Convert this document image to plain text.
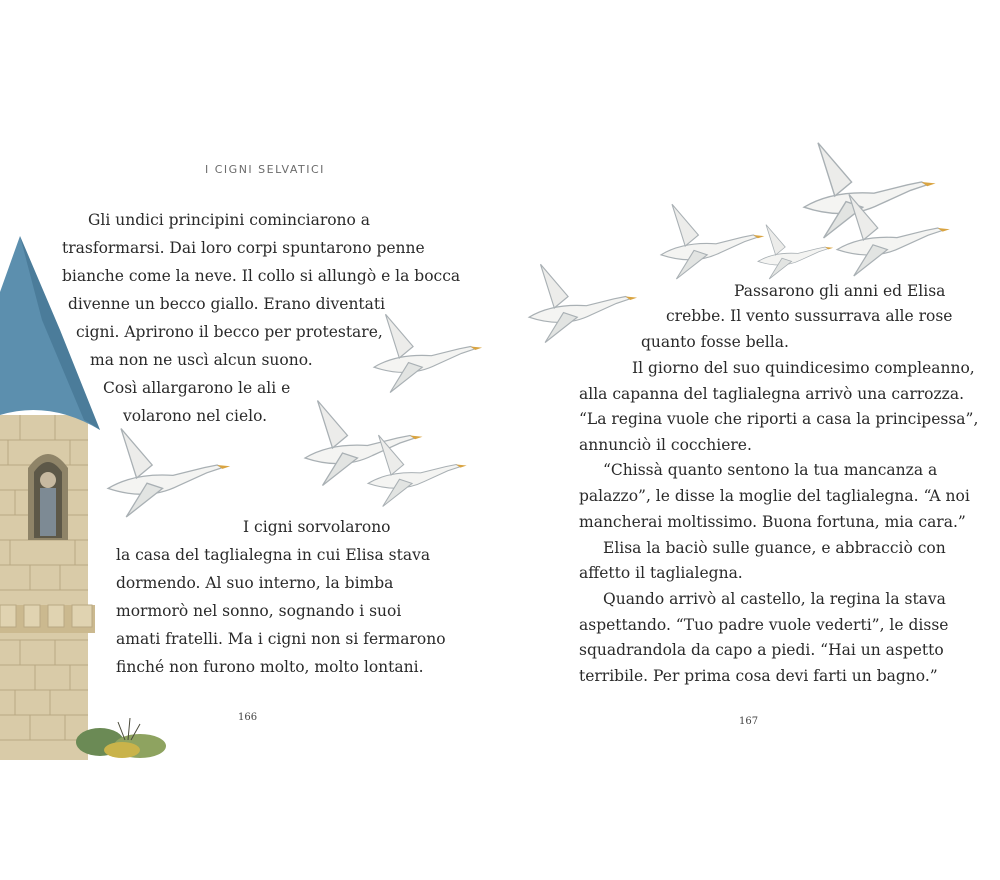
I CIGNI SELVATICI
Gli undici principini cominciarono a
trasformarsi. Dai loro corpi spuntarono penne
bianche come la neve. Il collo si allungò e la bocca
divenne un becco giallo. Erano diventati
cigni. Aprirono il becco per protestare,
ma non ne uscì alcun suono.
Così allargarono le ali e
volarono nel cielo.
I cigni sorvolarono
la casa del taglialegna in cui Elisa stava
dormendo. Al suo interno, la bimba
mormorò nel sonno, sognando i suoi
amati fratelli. Ma i cigni non si fermarono
finché non furono molto, molto lontani.
166
Passarono gli anni ed Elisa
crebbe. Il vento sussurrava alle rose
quanto fosse bella.
Il giorno del suo quindicesimo compleanno,
alla capanna del taglialegna arrivò una carrozza.
“La regina vuole che riporti a casa la principessa”,
annunciò il cocchiere.
“Chissà quanto sentono la tua mancanza a
palazzo”, le disse la moglie del taglialegna. “A noi
mancherai moltissimo. Buona fortuna, mia cara.”
Elisa la baciò sulle guance, e abbracciò con
affetto il taglialegna.
Quando arrivò al castello, la regina la stava
aspettando. “Tuo padre vuole vederti”, le disse
squadrandola da capo a piedi. “Hai un aspetto
terribile. Per prima cosa devi farti un bagno.”
167
